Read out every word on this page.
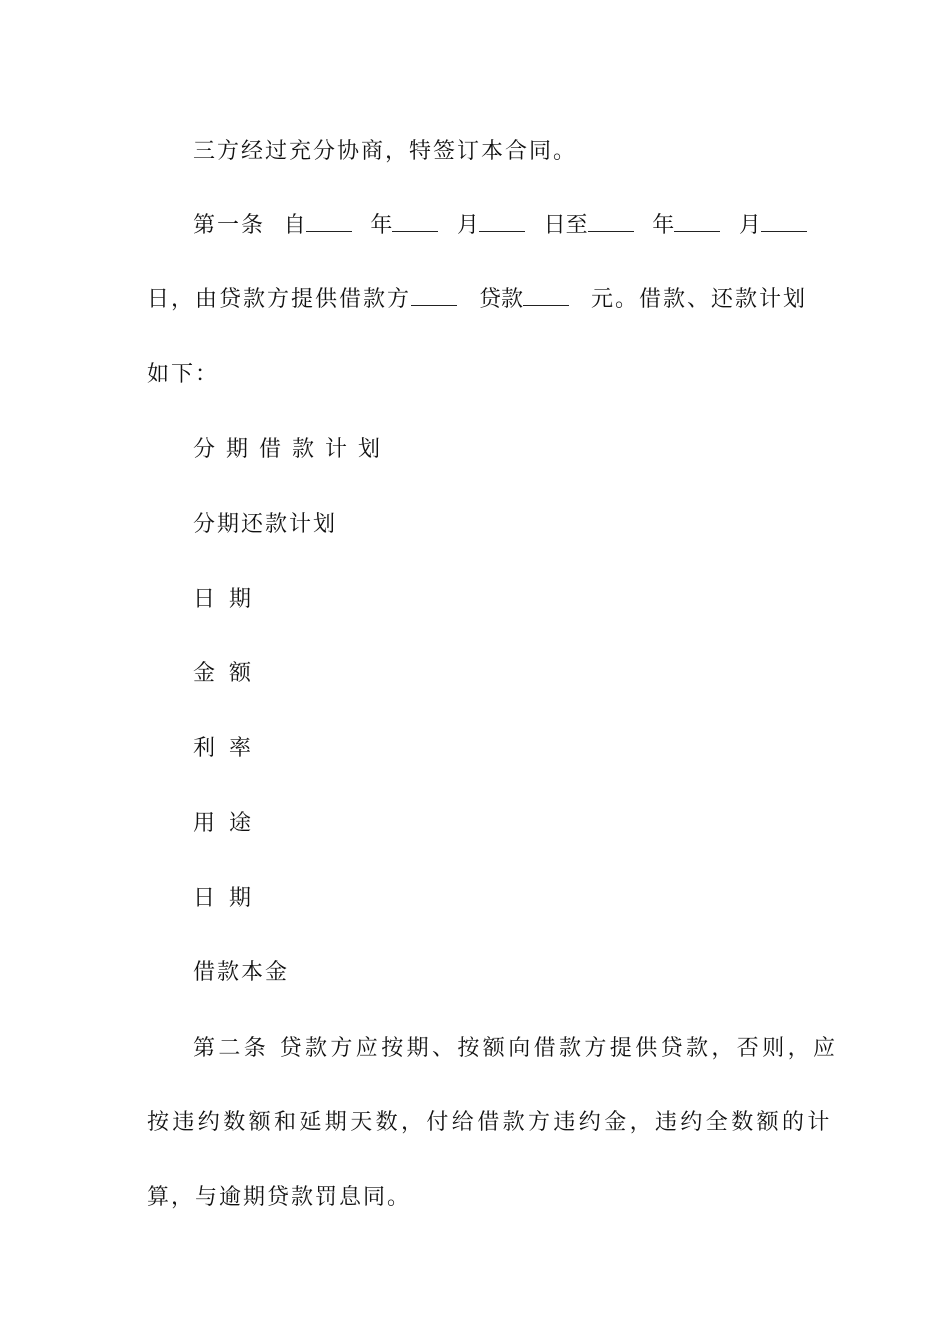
三方经过充分协商，特签订本合同。
第一条 自	年	月	日至	年	月
日，由贷款方提供借款方	贷款	元。借款、还款计划
如下：
分期借款计划
分期还款计划
日期
金额
利率
用途
日期
借款本金
第二条 贷款方应按期、按额向借款方提供贷款，否则，应
按违约数额和延期天数，付给借款方违约金，违约全数额的计
算，与逾期贷款罚息同。
